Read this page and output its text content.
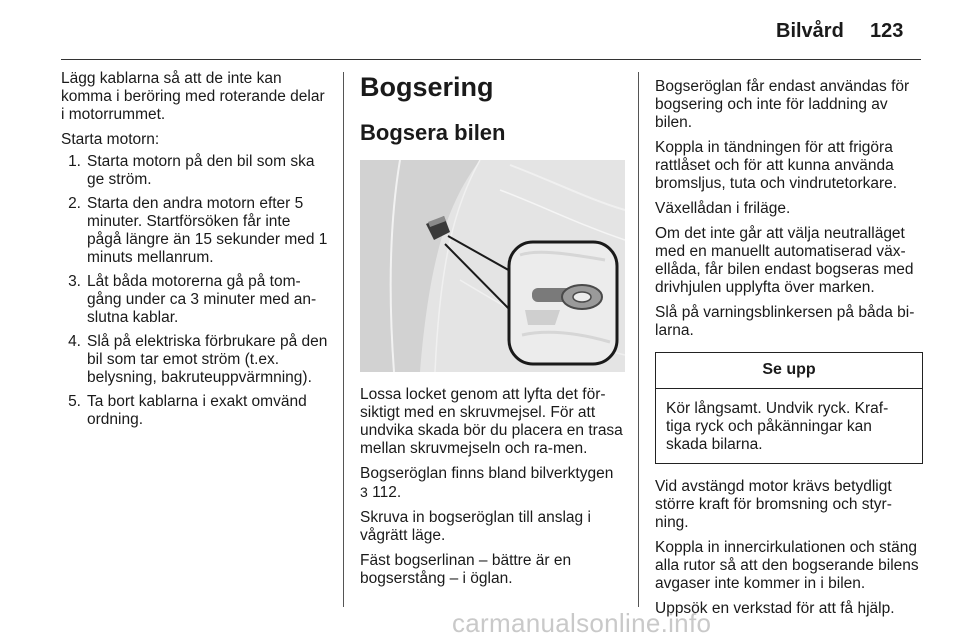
Bilvård 123

Lägg kablarna så att de inte kan komma i beröring med roterande delar i motorrummet.

Starta motorn:

1. Starta motorn på den bil som ska ge ström.
2. Starta den andra motorn efter 5 minuter. Startförsöken får inte pågå längre än 15 sekunder med 1 minuts mellanrum.
3. Låt båda motorerna gå på tom-gång under ca 3 minuter med an-slutna kablar.
4. Slå på elektriska förbrukare på den bil som tar emot ström (t.ex. belysning, bakruteuppvärmning).
5. Ta bort kablarna i exakt omvänd ordning.
Bogsering
Bogsera bilen

Lossa locket genom att lyfta det för-siktigt med en skruvmejsel. För att undvika skada bör du placera en trasa mellan skruvmejseln och ra-men.

Bogseröglan finns bland bilverktygen
3 112.

Skruva in bogseröglan till anslag i vågrätt läge.

Fäst bogserlinan – bättre är en bogserstång – i öglan.

Bogseröglan får endast användas för bogsering och inte för laddning av bilen.

Koppla in tändningen för att frigöra rattlåset och för att kunna använda bromsljus, tuta och vindrutetorkare.

Växellådan i friläge.

Om det inte går att välja neutralläget med en manuellt automatiserad väx-ellåda, får bilen endast bogseras med drivhjulen upplyfta över marken.

Slå på varningsblinkersen på båda bi-larna.

Se upp
Kör långsamt. Undvik ryck. Kraf-tiga ryck och påkänningar kan skada bilarna.

Vid avstängd motor krävs betydligt större kraft för bromsning och styr-ning.

Koppla in innercirkulationen och stäng alla rutor så att den bogserande bilens avgaser inte kommer in i bilen.

Uppsök en verkstad för att få hjälp.

carmanualsonline.info
